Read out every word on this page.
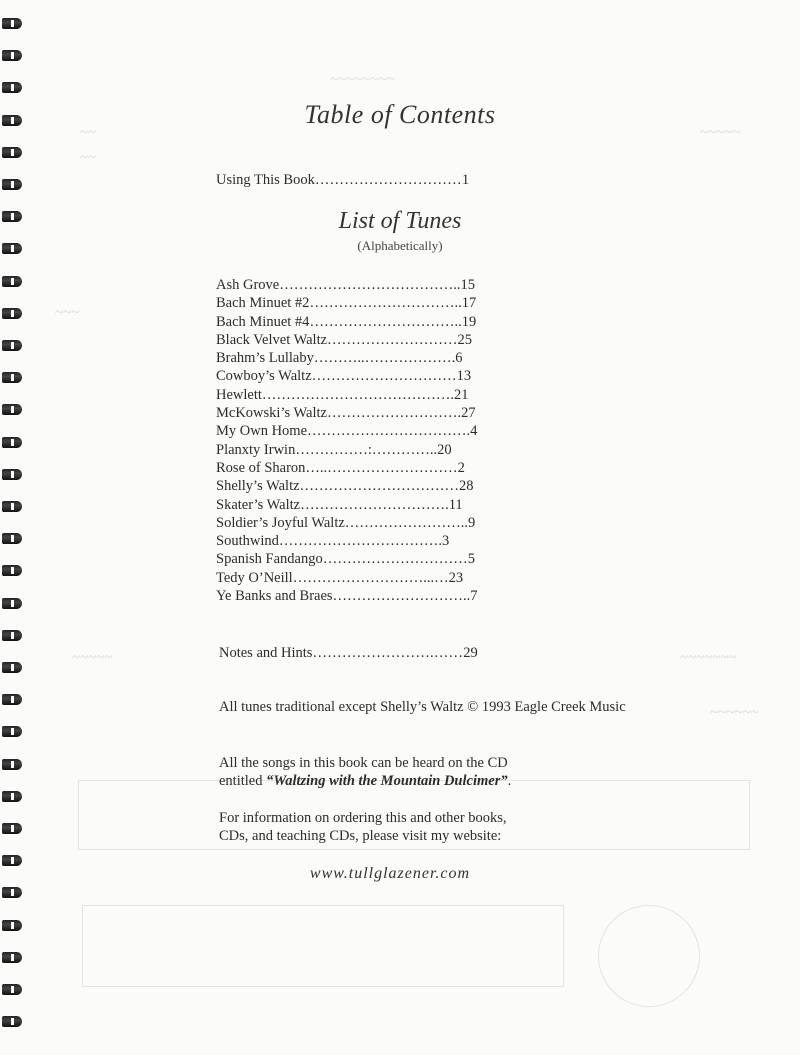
~~~~~~~~
~~	~~~~~
~~
~~~
~~~~~	~~~~~~~
~~~~~~
Table of Contents
Using This Book…………………………1
List of Tunes
(Alphabetically)
Ash Grove………………………………..15
Bach Minuet #2…………………………..17
Bach Minuet #4…………………………..19
Black Velvet Waltz………………………25
Brahm’s Lullaby………..……………….6
Cowboy’s Waltz…………………………13
Hewlett………………………………….21
McKowski’s Waltz……………………….27
My Own Home…………………………….4
Planxty Irwin……………:…………..20
Rose of Sharon…..………………………2
Shelly’s Waltz……………………………28
Skater’s Waltz………………………….11
Soldier’s Joyful Waltz……………………..9
Southwind…………………………….3
Spanish Fandango…………………………5
Tedy O’Neill………………………...…23
Ye Banks and Braes………………………..7
Notes and Hints…………………….……29
All tunes traditional except Shelly’s Waltz © 1993 Eagle Creek Music
All the songs in this book can be heard on the CD
entitled “Waltzing with the Mountain Dulcimer”.
For information on ordering this and other books,
CDs, and teaching CDs, please visit my website:
www.tullglazener.com
